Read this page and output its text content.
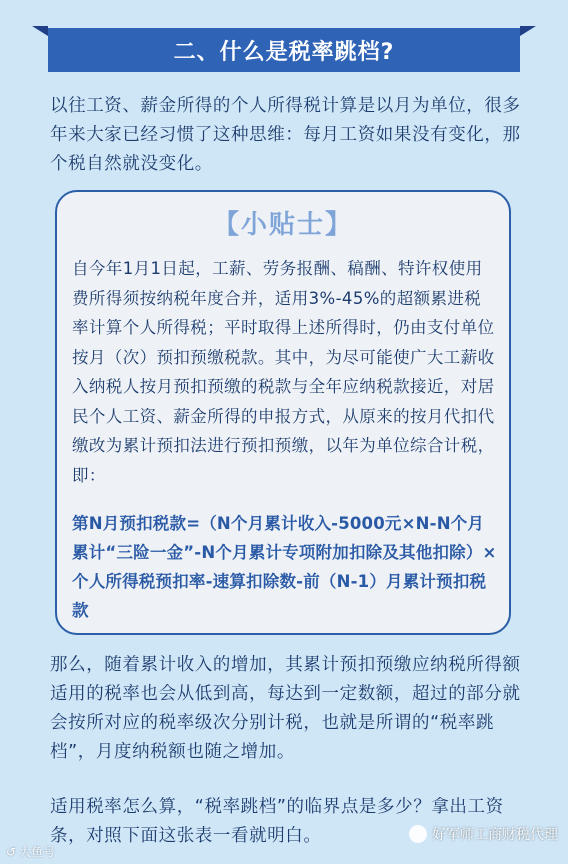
二、什么是税率跳档?

以往工资、薪金所得的个人所得税计算是以月为单位，很多年来大家已经习惯了这种思维：每月工资如果没有变化，那个税自然就没变化。

【小贴士】

自今年1月1日起，工薪、劳务报酬、稿酬、特许权使用费所得须按纳税年度合并，适用3%-45%的超额累进税率计算个人所得税；平时取得上述所得时，仍由支付单位按月（次）预扣预缴税款。其中，为尽可能使广大工薪收入纳税人按月预扣预缴的税款与全年应纳税款接近，对居民个人工资、薪金所得的申报方式，从原来的按月代扣代缴改为累计预扣法进行预扣预缴，以年为单位综合计税，即：

第N月预扣税款=（N个月累计收入-5000元×N-N个月累计“三险一金”-N个月累计专项附加扣除及其他扣除）×个人所得税预扣率-速算扣除数-前（N-1）月累计预扣税款

那么，随着累计收入的增加，其累计预扣预缴应纳税所得额适用的税率也会从低到高，每达到一定数额，超过的部分就会按所对应的税率级次分别计税，也就是所谓的“税率跳档”，月度纳税额也随之增加。

适用税率怎么算，“税率跳档”的临界点是多少？拿出工资条，对照下面这张表一看就明白。

↺ 大鱼号
好军师工商财税代理
